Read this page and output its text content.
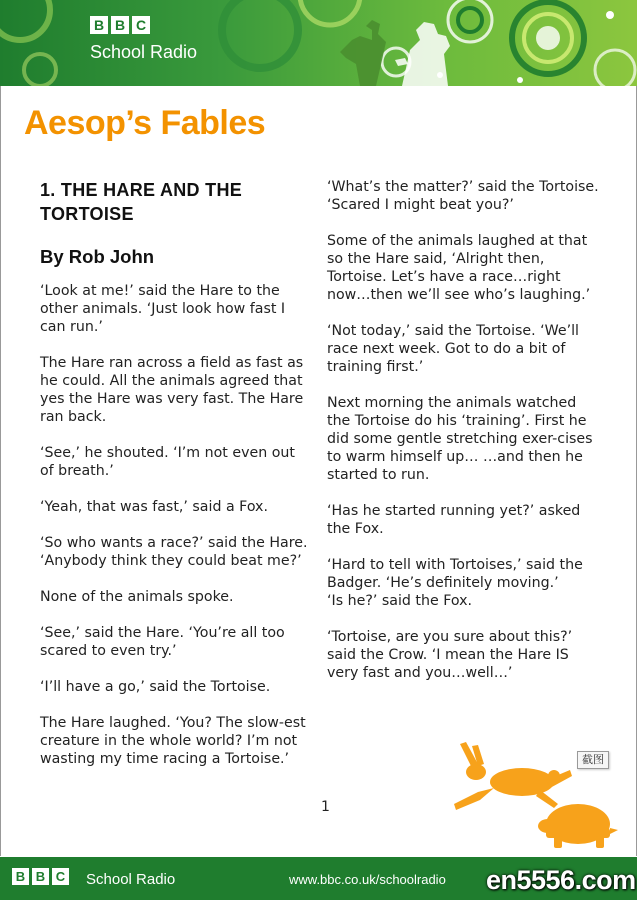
B B C
School Radio
Aesop’s Fables
1. THE HARE AND THE TORTOISE
By Rob John

‘Look at me!’ said the Hare to the other animals. ‘Just look how fast I can run.’

The Hare ran across a field as fast as he could. All the animals agreed that yes the Hare was very fast. The Hare ran back.

‘See,’ he shouted. ‘I’m not even out of breath.’

‘Yeah, that was fast,’ said a Fox.

‘So who wants a race?’ said the Hare. ‘Anybody think they could beat me?’

None of the animals spoke.

‘See,’ said the Hare. ‘You’re all too scared to even try.’

‘I’ll have a go,’ said the Tortoise.

The Hare laughed. ‘You? The slow-est creature in the whole world? I’m not wasting my time racing a Tortoise.’

‘What’s the matter?’ said the Tortoise. ‘Scared I might beat you?’

Some of the animals laughed at that so the Hare said, ‘Alright then, Tortoise. Let’s have a race…right now…then we’ll see who’s laughing.’

‘Not today,’ said the Tortoise. ‘We’ll race next week. Got to do a bit of training first.’

Next morning the animals watched the Tortoise do his ‘training’. First he did some gentle stretching exer-cises to warm himself up… …and then he started to run.

‘Has he started running yet?’ asked the Fox.

‘Hard to tell with Tortoises,’ said the Badger. ‘He’s definitely moving.’

‘Is he?’ said the Fox.

‘Tortoise, are you sure about this?’ said the Crow. ‘I mean the Hare IS very fast and you…well…’

1
截图
B B C School Radio	www.bbc.co.uk/schoolradio en5556.com
